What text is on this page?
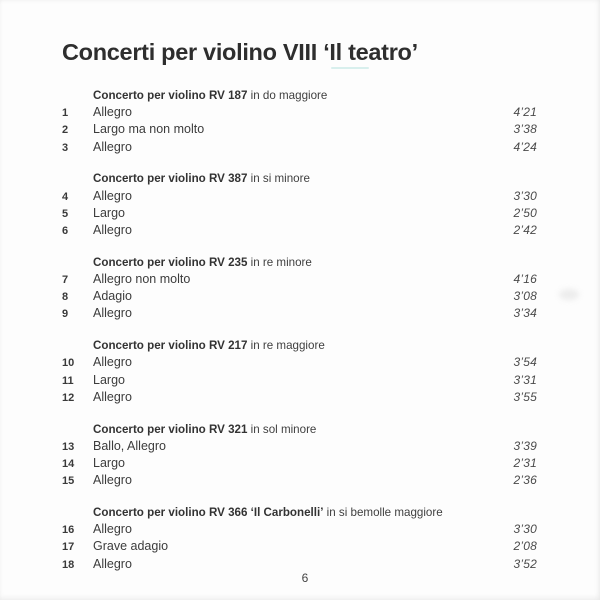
Concerti per violino VIII ‘Il teatro’
Concerto per violino RV 187 in do maggiore
1	Allegro	4’21
2	Largo ma non molto	3’38
3	Allegro	4’24
Concerto per violino RV 387 in si minore
4	Allegro	3’30
5	Largo	2’50
6	Allegro	2’42
Concerto per violino RV 235 in re minore
7	Allegro non molto	4’16
8	Adagio	3’08
9	Allegro	3’34
Concerto per violino RV 217 in re maggiore
10	Allegro	3’54
11	Largo	3’31
12	Allegro	3’55
Concerto per violino RV 321 in sol minore
13	Ballo, Allegro	3’39
14	Largo	2’31
15	Allegro	2’36
Concerto per violino RV 366 ‘Il Carbonelli’ in si bemolle maggiore
16	Allegro	3’30
17	Grave adagio	2’08
18	Allegro	3’52
6
